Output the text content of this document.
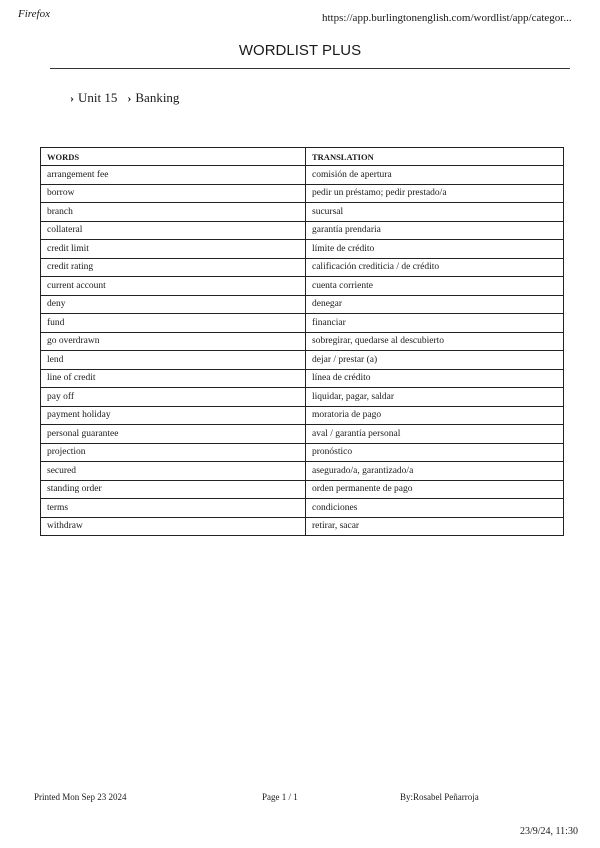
Firefox	https://app.burlingtonenglish.com/wordlist/app/categor...
WORDLIST PLUS
› Unit 15 › Banking
WORDS	TRANSLATION
arrangement fee	comisión de apertura
borrow	pedir un préstamo; pedir prestado/a
branch	sucursal
collateral	garantía prendaria
credit limit	límite de crédito
credit rating	calificación crediticia / de crédito
current account	cuenta corriente
deny	denegar
fund	financiar
go overdrawn	sobregirar, quedarse al descubierto
lend	dejar / prestar (a)
line of credit	línea de crédito
pay off	liquidar, pagar, saldar
payment holiday	moratoria de pago
personal guarantee	aval / garantía personal
projection	pronóstico
secured	asegurado/a, garantizado/a
standing order	orden permanente de pago
terms	condiciones
withdraw	retirar, sacar
Printed Mon Sep 23 2024	Page 1 / 1	By:Rosabel Peñarroja
23/9/24, 11:30
